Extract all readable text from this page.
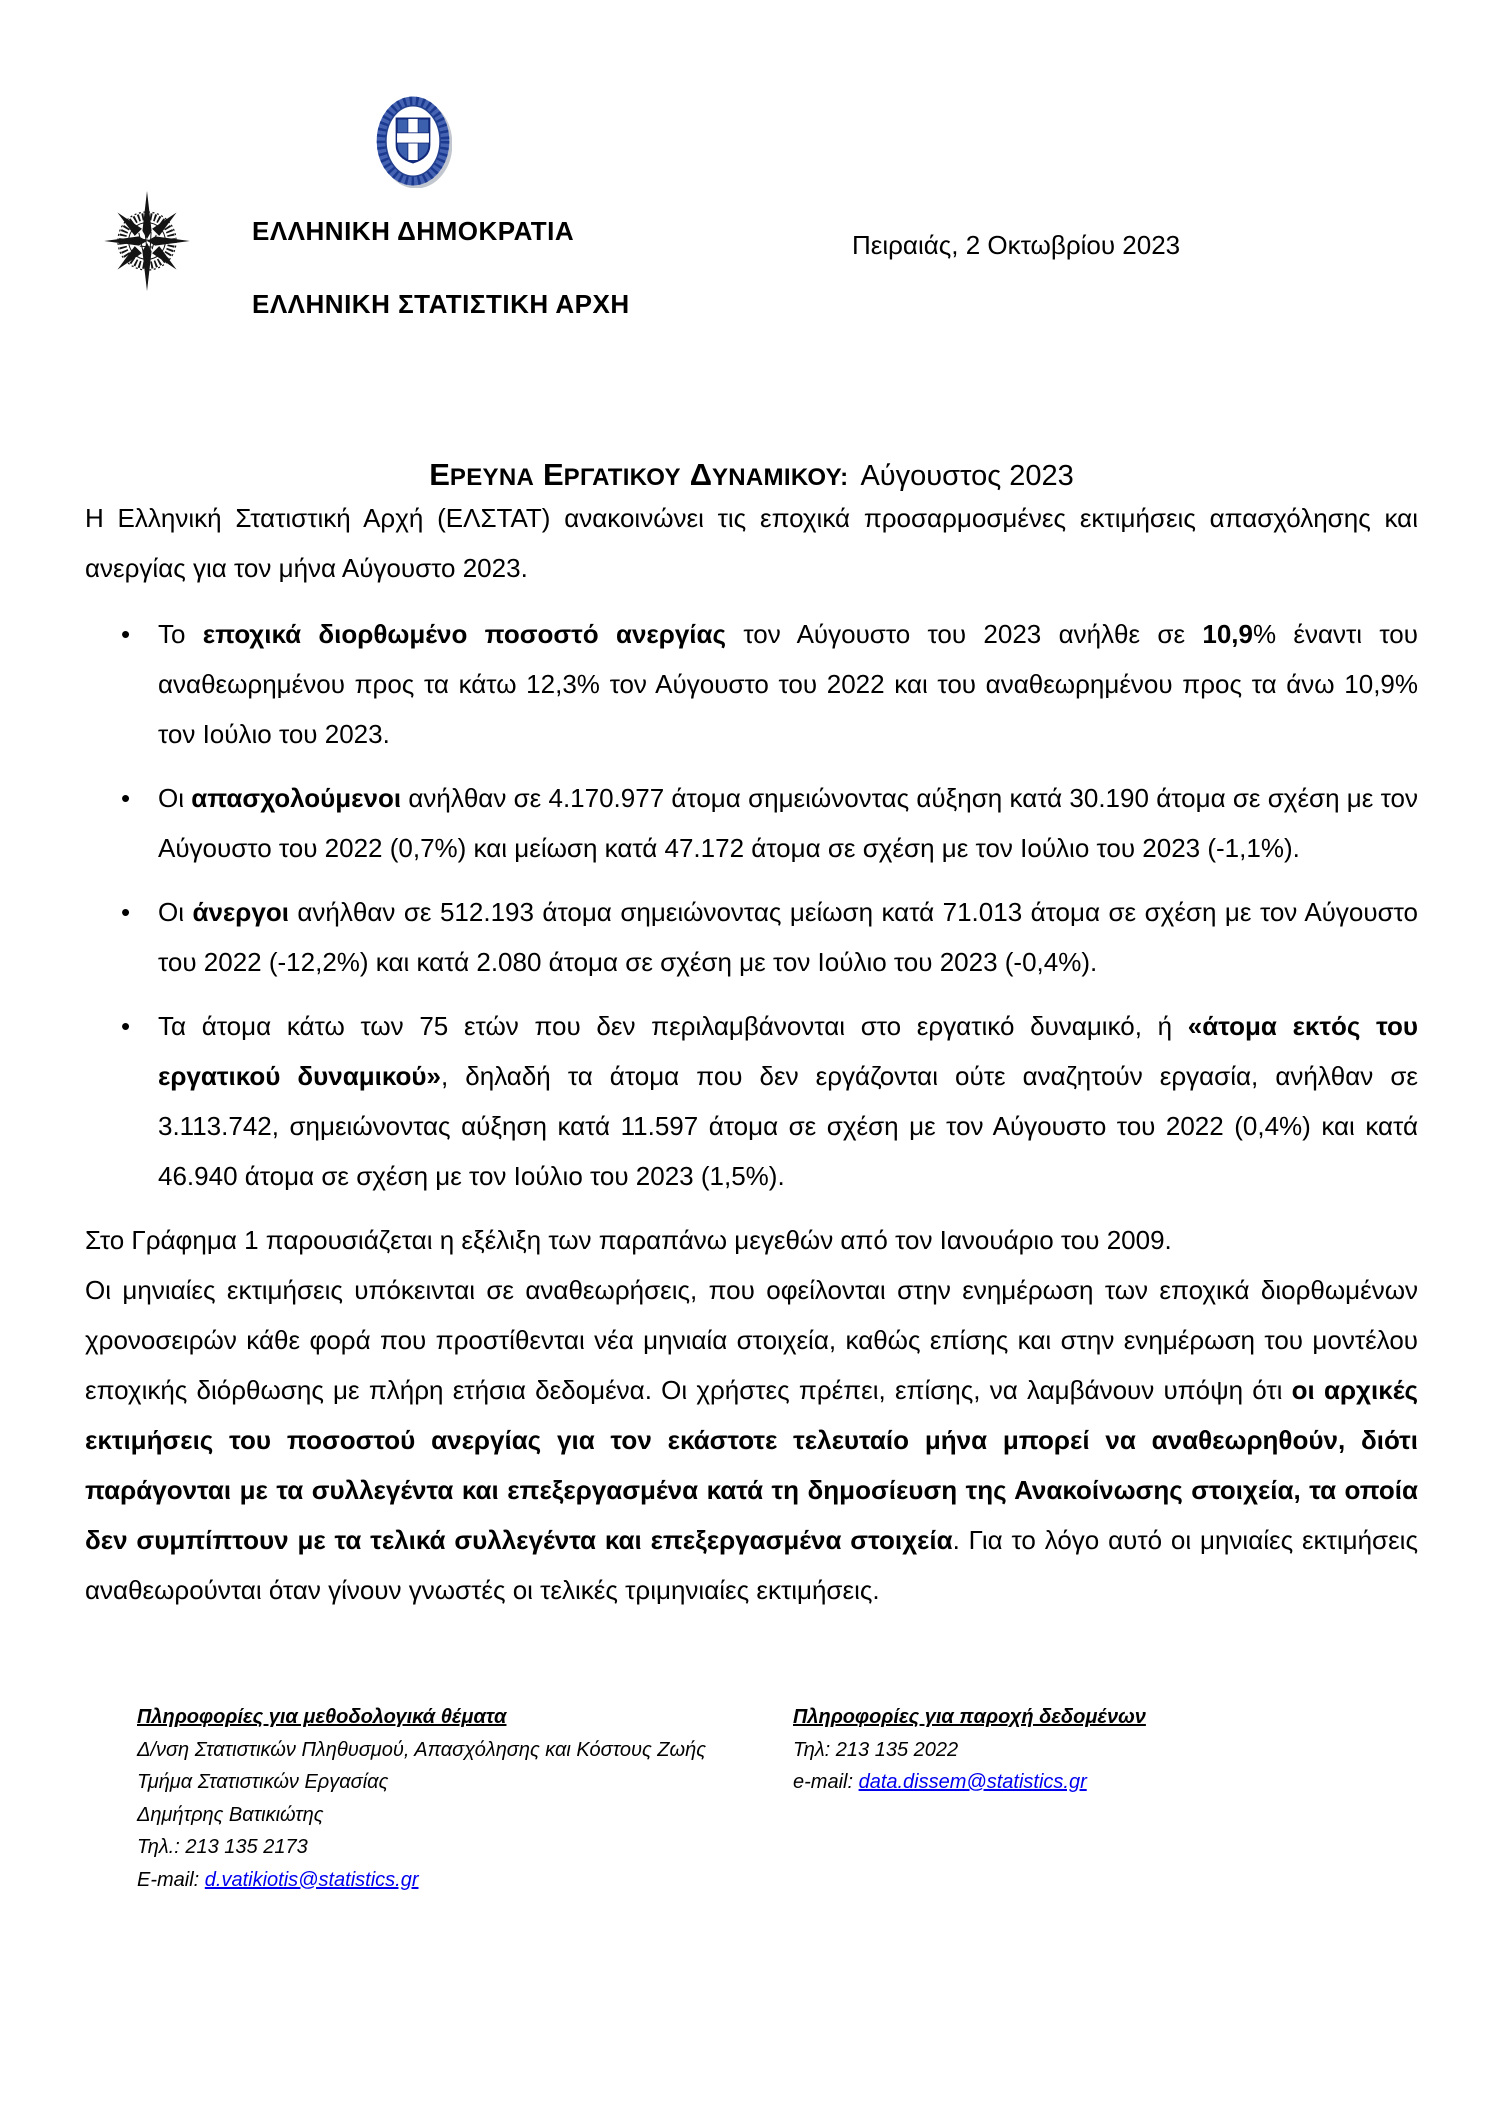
ΕΛΛΗΝΙΚΗ ΔΗΜΟΚΡΑΤΙΑ
ΕΛΛΗΝΙΚΗ ΣΤΑΤΙΣΤΙΚΗ ΑΡΧΗ
Πειραιάς, 2 Οκτωβρίου 2023
ΕΡΕΥΝΑ ΕΡΓΑΤΙΚΟΥ ΔΥΝΑΜΙΚΟΥ: Αύγουστος 2023

Η Ελληνική Στατιστική Αρχή (ΕΛΣΤΑΤ) ανακοινώνει τις εποχικά προσαρμοσμένες εκτιμήσεις απασχόλησης και ανεργίας για τον μήνα Αύγουστο 2023.

• Το εποχικά διορθωμένο ποσοστό ανεργίας τον Αύγουστο του 2023 ανήλθε σε 10,9% έναντι του αναθεωρημένου προς τα κάτω 12,3% τον Αύγουστο του 2022 και του αναθεωρημένου προς τα άνω 10,9% τον Ιούλιο του 2023.
• Οι απασχολούμενοι ανήλθαν σε 4.170.977 άτομα σημειώνοντας αύξηση κατά 30.190 άτομα σε σχέση με τον Αύγουστο του 2022 (0,7%) και μείωση κατά 47.172 άτομα σε σχέση με τον Ιούλιο του 2023 (-1,1%).
• Οι άνεργοι ανήλθαν σε 512.193 άτομα σημειώνοντας μείωση κατά 71.013 άτομα σε σχέση με τον Αύγουστο του 2022 (-12,2%) και κατά 2.080 άτομα σε σχέση με τον Ιούλιο του 2023 (-0,4%).
• Τα άτομα κάτω των 75 ετών που δεν περιλαμβάνονται στο εργατικό δυναμικό, ή «άτομα εκτός του εργατικού δυναμικού», δηλαδή τα άτομα που δεν εργάζονται ούτε αναζητούν εργασία, ανήλθαν σε 3.113.742, σημειώνοντας αύξηση κατά 11.597 άτομα σε σχέση με τον Αύγουστο του 2022 (0,4%) και κατά 46.940 άτομα σε σχέση με τον Ιούλιο του 2023 (1,5%).

Στο Γράφημα 1 παρουσιάζεται η εξέλιξη των παραπάνω μεγεθών από τον Ιανουάριο του 2009.

Οι μηνιαίες εκτιμήσεις υπόκεινται σε αναθεωρήσεις, που οφείλονται στην ενημέρωση των εποχικά διορθωμένων χρονοσειρών κάθε φορά που προστίθενται νέα μηνιαία στοιχεία, καθώς επίσης και στην ενημέρωση του μοντέλου εποχικής διόρθωσης με πλήρη ετήσια δεδομένα. Οι χρήστες πρέπει, επίσης, να λαμβάνουν υπόψη ότι οι αρχικές εκτιμήσεις του ποσοστού ανεργίας για τον εκάστοτε τελευταίο μήνα μπορεί να αναθεωρηθούν, διότι παράγονται με τα συλλεγέντα και επεξεργασμένα κατά τη δημοσίευση της Ανακοίνωσης στοιχεία, τα οποία δεν συμπίπτουν με τα τελικά συλλεγέντα και επεξεργασμένα στοιχεία. Για το λόγο αυτό οι μηνιαίες εκτιμήσεις αναθεωρούνται όταν γίνουν γνωστές οι τελικές τριμηνιαίες εκτιμήσεις.

Πληροφορίες για μεθοδολογικά θέματα
Δ/νση Στατιστικών Πληθυσμού, Απασχόλησης και Κόστους Ζωής
Τμήμα Στατιστικών Εργασίας
Δημήτρης Βατικιώτης
Τηλ.: 213 135 2173
E-mail: d.vatikiotis@statistics.gr
Πληροφορίες για παροχή δεδομένων
Τηλ: 213 135 2022
e-mail: data.dissem@statistics.gr
